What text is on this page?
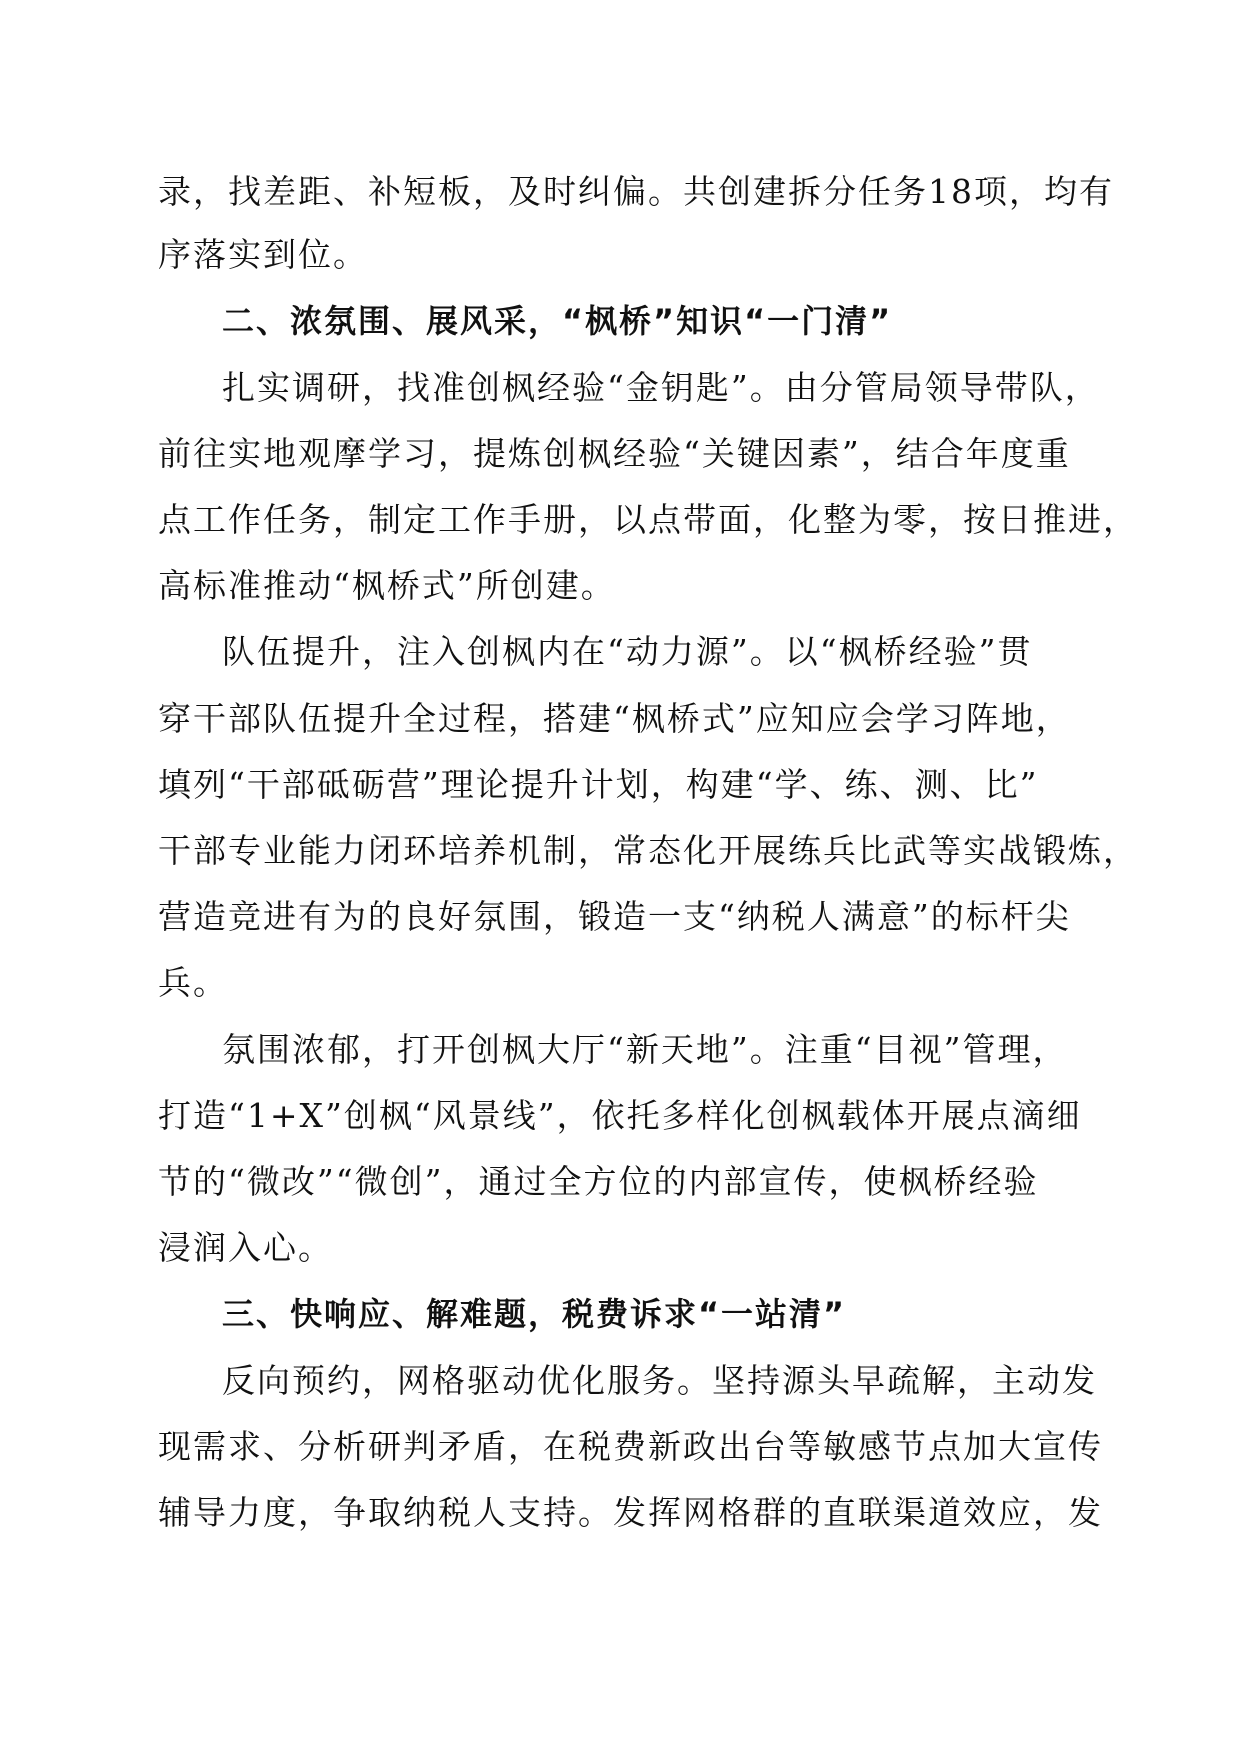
录，找差距、补短板，及时纠偏。共创建拆分任务18项，均有
序落实到位。
二、浓氛围、展风采，“枫桥”知识“一门清”
扎实调研，找准创枫经验“金钥匙”。由分管局领导带队，
前往实地观摩学习，提炼创枫经验“关键因素”，结合年度重
点工作任务，制定工作手册，以点带面，化整为零，按日推进，
高标准推动“枫桥式”所创建。
队伍提升，注入创枫内在“动力源”。以“枫桥经验”贯
穿干部队伍提升全过程，搭建“枫桥式”应知应会学习阵地，
填列“干部砥砺营”理论提升计划，构建“学、练、测、比”
干部专业能力闭环培养机制，常态化开展练兵比武等实战锻炼，
营造竞进有为的良好氛围，锻造一支“纳税人满意”的标杆尖
兵。
氛围浓郁，打开创枫大厅“新天地”。注重“目视”管理，
打造“1+X”创枫“风景线”，依托多样化创枫载体开展点滴细
节的“微改”“微创”，通过全方位的内部宣传，使枫桥经验
浸润入心。
三、快响应、解难题，税费诉求“一站清”
反向预约，网格驱动优化服务。坚持源头早疏解，主动发
现需求、分析研判矛盾，在税费新政出台等敏感节点加大宣传
辅导力度，争取纳税人支持。发挥网格群的直联渠道效应，发
